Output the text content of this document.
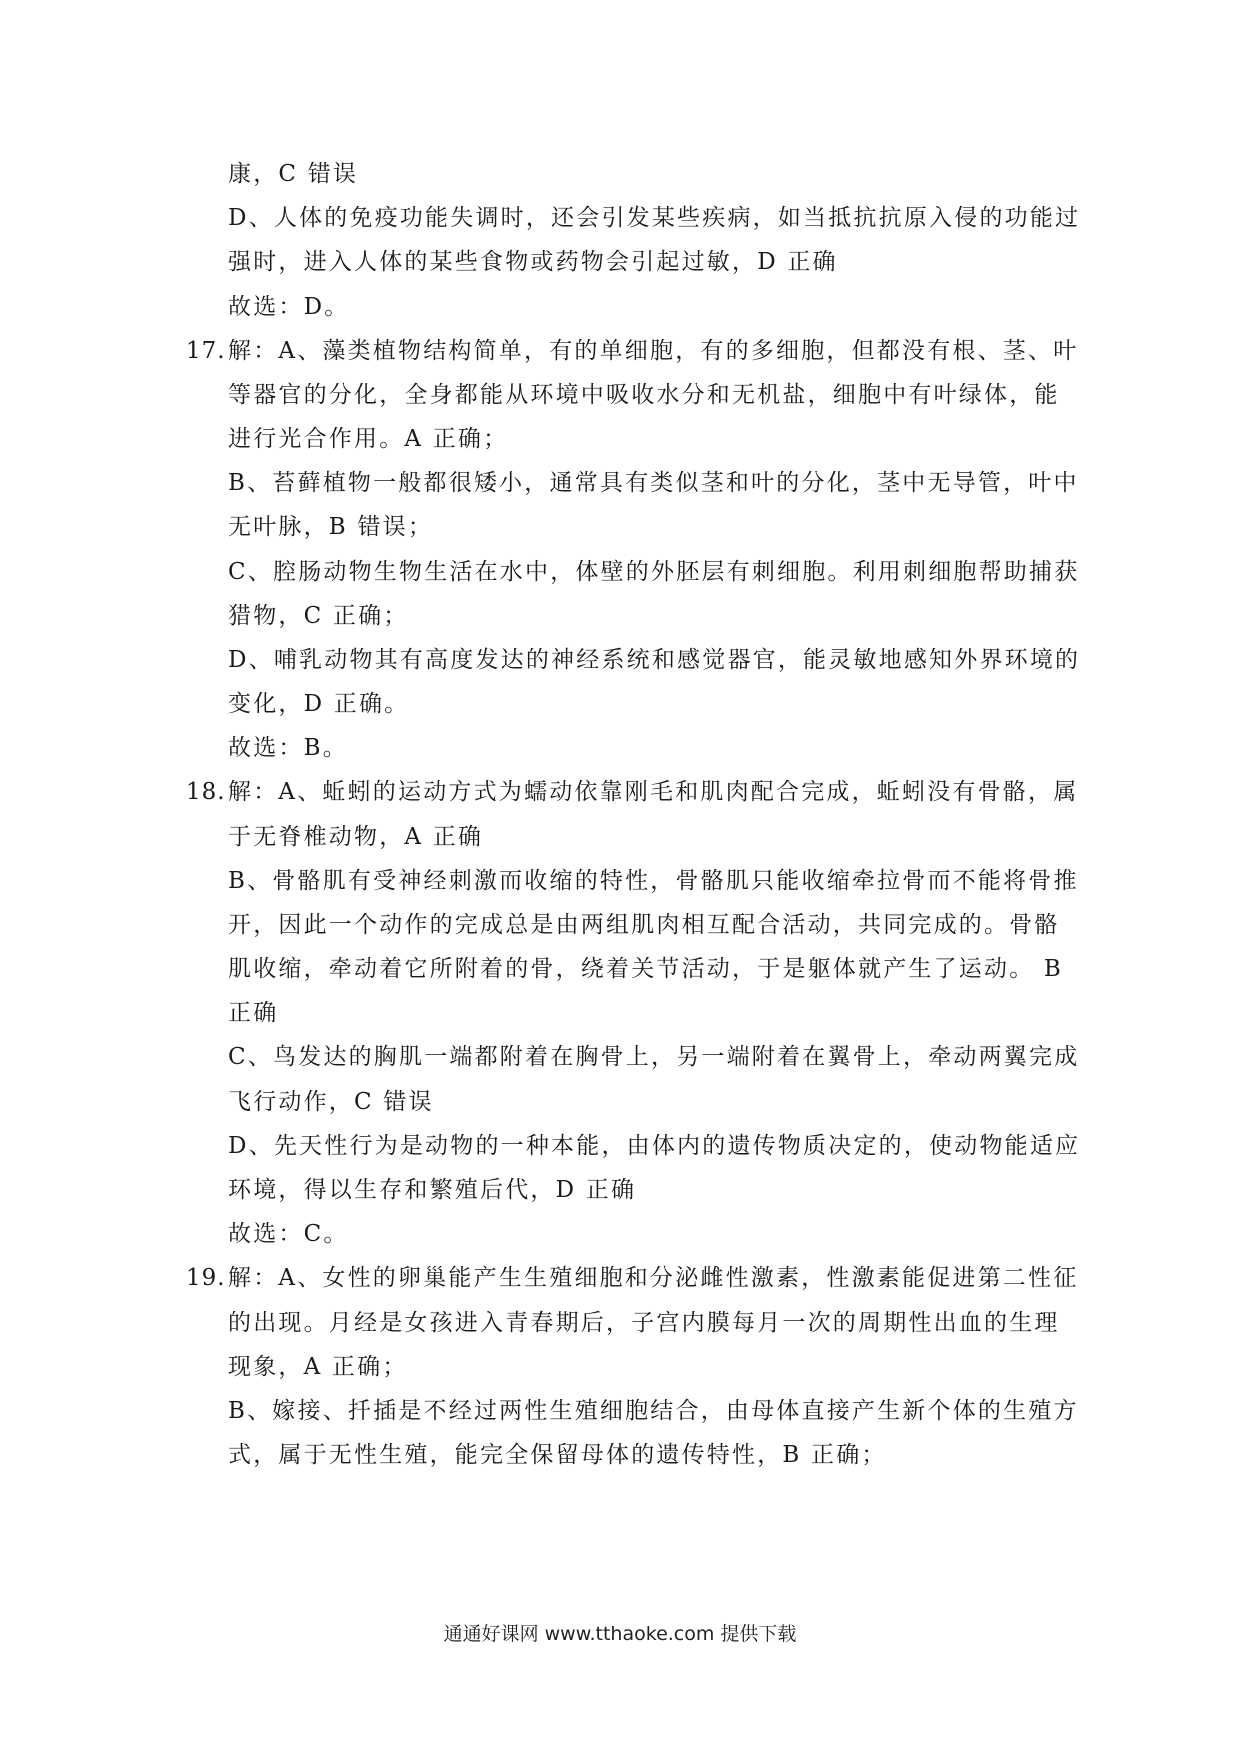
康，C 错误
D、人体的免疫功能失调时，还会引发某些疾病，如当抵抗抗原入侵的功能过
强时，进入人体的某些食物或药物会引起过敏，D 正确
故选：D。
17. 解：A、藻类植物结构简单，有的单细胞，有的多细胞，但都没有根、茎、叶
等器官的分化，全身都能从环境中吸收水分和无机盐，细胞中有叶绿体，能
进行光合作用。A 正确；
B、苔藓植物一般都很矮小，通常具有类似茎和叶的分化，茎中无导管，叶中
无叶脉，B 错误；
C、腔肠动物生物生活在水中，体壁的外胚层有刺细胞。利用刺细胞帮助捕获
猎物，C 正确；
D、哺乳动物其有高度发达的神经系统和感觉器官，能灵敏地感知外界环境的
变化，D 正确。
故选：B。
18. 解：A、蚯蚓的运动方式为蠕动依靠刚毛和肌肉配合完成，蚯蚓没有骨骼，属
于无脊椎动物，A 正确
B、骨骼肌有受神经刺激而收缩的特性，骨骼肌只能收缩牵拉骨而不能将骨推
开，因此一个动作的完成总是由两组肌肉相互配合活动，共同完成的。骨骼
肌收缩，牵动着它所附着的骨，绕着关节活动，于是躯体就产生了运动。 B
正确
C、鸟发达的胸肌一端都附着在胸骨上，另一端附着在翼骨上，牵动两翼完成
飞行动作，C 错误
D、先天性行为是动物的一种本能，由体内的遗传物质决定的，使动物能适应
环境，得以生存和繁殖后代，D 正确
故选：C。
19. 解：A、女性的卵巢能产生生殖细胞和分泌雌性激素，性激素能促进第二性征
的出现。月经是女孩进入青春期后，子宫内膜每月一次的周期性出血的生理
现象，A 正确；
B、嫁接、扦插是不经过两性生殖细胞结合，由母体直接产生新个体的生殖方
式，属于无性生殖，能完全保留母体的遗传特性，B 正确；
通通好课网 www.tthaoke.com 提供下载
